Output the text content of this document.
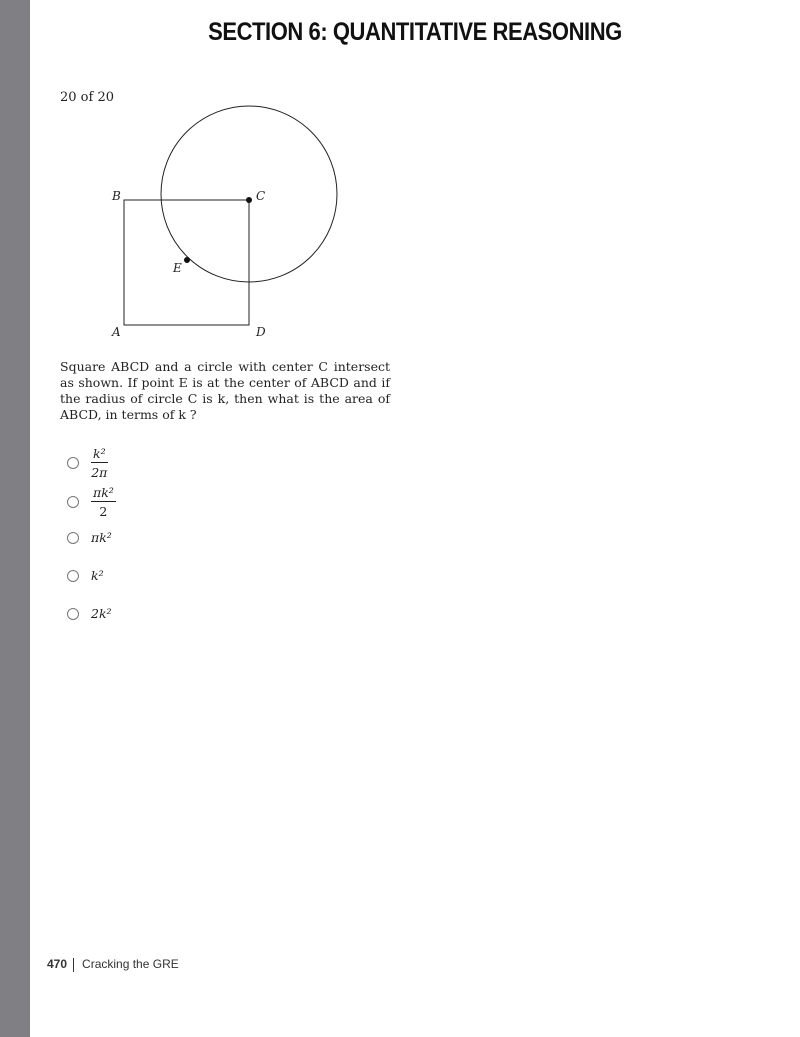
SECTION 6: QUANTITATIVE REASONING
20 of 20
B	C
A	D
E
Square ABCD and a circle with center C intersect as shown. If point E is at the center of ABCD and if the radius of circle C is k, then what is the area of ABCD, in terms of k ?
$\frac{\text{k²}}{2\pi}$
$\frac{\text{πk²}}{2}$
πk²
k²
2k²
470 Cracking the GRE
